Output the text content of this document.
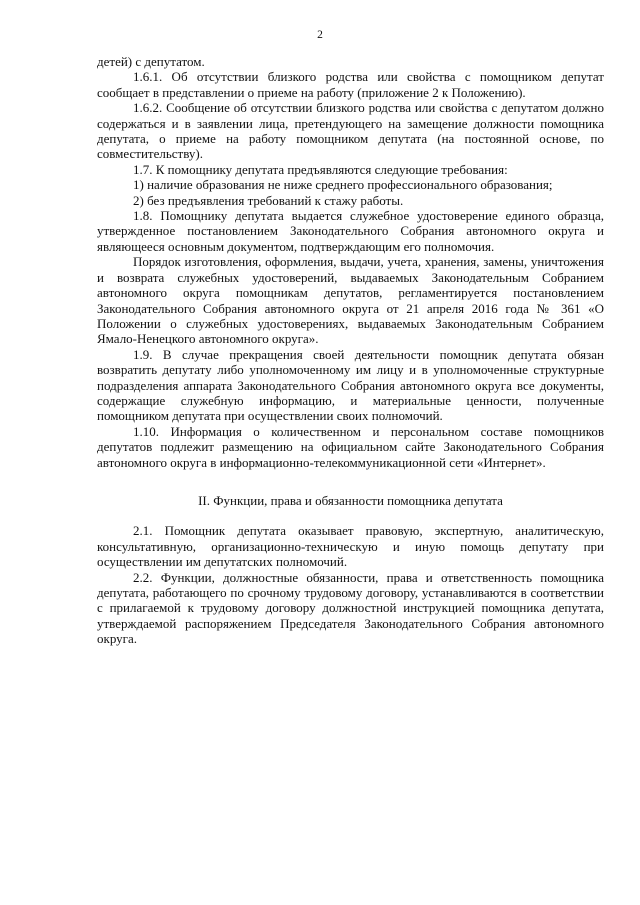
2

детей) с депутатом.

1.6.1. Об отсутствии близкого родства или свойства с помощником депутат сообщает в представлении о приеме на работу (приложение 2 к Положению).

1.6.2. Сообщение об отсутствии близкого родства или свойства с депутатом должно содержаться и в заявлении лица, претендующего на замещение должности помощника депутата, о приеме на работу помощником депутата (на постоянной основе, по совместительству).

1.7. К помощнику депутата предъявляются следующие требования:

1) наличие образования не ниже среднего профессионального образования;

2) без предъявления требований к стажу работы.

1.8. Помощнику депутата выдается служебное удостоверение единого образца, утвержденное постановлением Законодательного Собрания автономного округа и являющееся основным документом, подтверждающим его полномочия.

Порядок изготовления, оформления, выдачи, учета, хранения, замены, уничтожения и возврата служебных удостоверений, выдаваемых Законодательным Собранием автономного округа помощникам депутатов, регламентируется постановлением Законодательного Собрания автономного округа от 21 апреля 2016 года № 361 «О Положении о служебных удостоверениях, выдаваемых Законодательным Собранием Ямало-Ненецкого автономного округа».

1.9. В случае прекращения своей деятельности помощник депутата обязан возвратить депутату либо уполномоченному им лицу и в уполномоченные структурные подразделения аппарата Законодательного Собрания автономного округа все документы, содержащие служебную информацию, и материальные ценности, полученные помощником депутата при осуществлении своих полномочий.

1.10. Информация о количественном и персональном составе помощников депутатов подлежит размещению на официальном сайте Законодательного Собрания автономного округа в информационно-телекоммуникационной сети «Интернет».

II. Функции, права и обязанности помощника депутата

2.1. Помощник депутата оказывает правовую, экспертную, аналитическую, консультативную, организационно-техническую и иную помощь депутату при осуществлении им депутатских полномочий.

2.2. Функции, должностные обязанности, права и ответственность помощника депутата, работающего по срочному трудовому договору, устанавливаются в соответствии с прилагаемой к трудовому договору должностной инструкцией помощника депутата, утверждаемой распоряжением Председателя Законодательного Собрания автономного округа.
